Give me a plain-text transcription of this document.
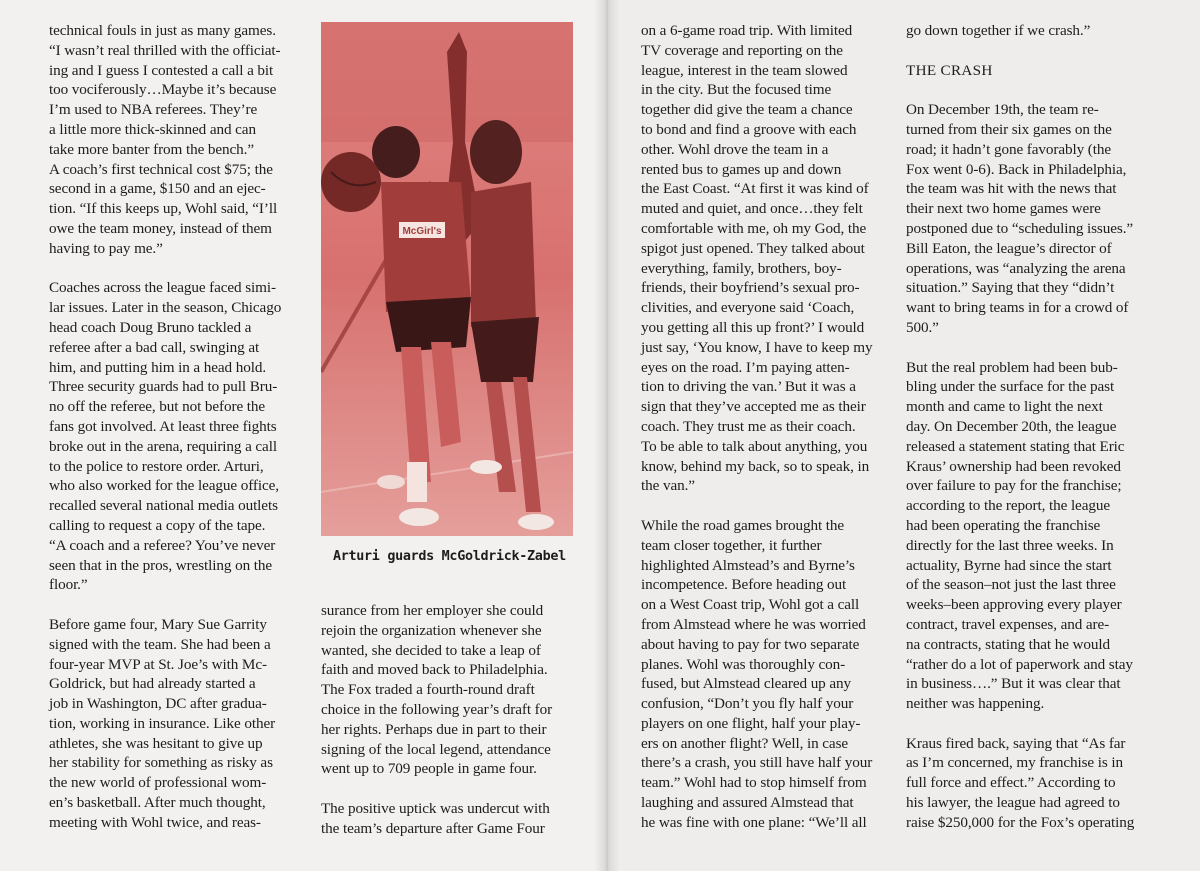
technical fouls in just as many games.
“I wasn’t real thrilled with the officiat-
ing and I guess I contested a call a bit
too vociferously…Maybe it’s because
I’m used to NBA referees. They’re
a little more thick-skinned and can
take more banter from the bench.”
A coach’s first technical cost $75; the
second in a game, $150 and an ejec-
tion. “If this keeps up, Wohl said, “I’ll
owe the team money, instead of them
having to pay me.”

Coaches across the league faced simi-
lar issues. Later in the season, Chicago
head coach Doug Bruno tackled a
referee after a bad call, swinging at
him, and putting him in a head hold.
Three security guards had to pull Bru-
no off the referee, but not before the
fans got involved. At least three fights
broke out in the arena, requiring a call
to the police to restore order. Arturi,
who also worked for the league office,
recalled several national media outlets
calling to request a copy of the tape.
“A coach and a referee? You’ve never
seen that in the pros, wrestling on the
floor.”

Before game four, Mary Sue Garrity
signed with the team. She had been a
four-year MVP at St. Joe’s with Mc-
Goldrick, but had already started a
job in Washington, DC after gradua-
tion, working in insurance. Like other
athletes, she was hesitant to give up
her stability for something as risky as
the new world of professional wom-
en’s basketball. After much thought,
meeting with Wohl twice, and reas-

McGirl's
Arturi guards McGoldrick-Zabel

surance from her employer she could
rejoin the organization whenever she
wanted, she decided to take a leap of
faith and moved back to Philadelphia.
The Fox traded a fourth-round draft
choice in the following year’s draft for
her rights. Perhaps due in part to their
signing of the local legend, attendance
went up to 709 people in game four.

The positive uptick was undercut with
the team’s departure after Game Four

on a 6-game road trip. With limited
TV coverage and reporting on the
league, interest in the team slowed
in the city. But the focused time
together did give the team a chance
to bond and find a groove with each
other. Wohl drove the team in a
rented bus to games up and down
the East Coast. “At first it was kind of
muted and quiet, and once…they felt
comfortable with me, oh my God, the
spigot just opened. They talked about
everything, family, brothers, boy-
friends, their boyfriend’s sexual pro-
clivities, and everyone said ‘Coach,
you getting all this up front?’ I would
just say, ‘You know, I have to keep my
eyes on the road. I’m paying atten-
tion to driving the van.’ But it was a
sign that they’ve accepted me as their
coach. They trust me as their coach.
To be able to talk about anything, you
know, behind my back, so to speak, in
the van.”

While the road games brought the
team closer together, it further
highlighted Almstead’s and Byrne’s
incompetence. Before heading out
on a West Coast trip, Wohl got a call
from Almstead where he was worried
about having to pay for two separate
planes. Wohl was thoroughly con-
fused, but Almstead cleared up any
confusion, “Don’t you fly half your
players on one flight, half your play-
ers on another flight? Well, in case
there’s a crash, you still have half your
team.” Wohl had to stop himself from
laughing and assured Almstead that
he was fine with one plane: “We’ll all

go down together if we crash.”

THE CRASH

On December 19th, the team re-
turned from their six games on the
road; it hadn’t gone favorably (the
Fox went 0-6). Back in Philadelphia,
the team was hit with the news that
their next two home games were
postponed due to “scheduling issues.”
Bill Eaton, the league’s director of
operations, was “analyzing the arena
situation.” Saying that they “didn’t
want to bring teams in for a crowd of
500.”

But the real problem had been bub-
bling under the surface for the past
month and came to light the next
day. On December 20th, the league
released a statement stating that Eric
Kraus’ ownership had been revoked
over failure to pay for the franchise;
according to the report, the league
had been operating the franchise
directly for the last three weeks. In
actuality, Byrne had since the start
of the season–not just the last three
weeks–been approving every player
contract, travel expenses, and are-
na contracts, stating that he would
“rather do a lot of paperwork and stay
in business….” But it was clear that
neither was happening.

Kraus fired back, saying that “As far
as I’m concerned, my franchise is in
full force and effect.” According to
his lawyer, the league had agreed to
raise $250,000 for the Fox’s operating
